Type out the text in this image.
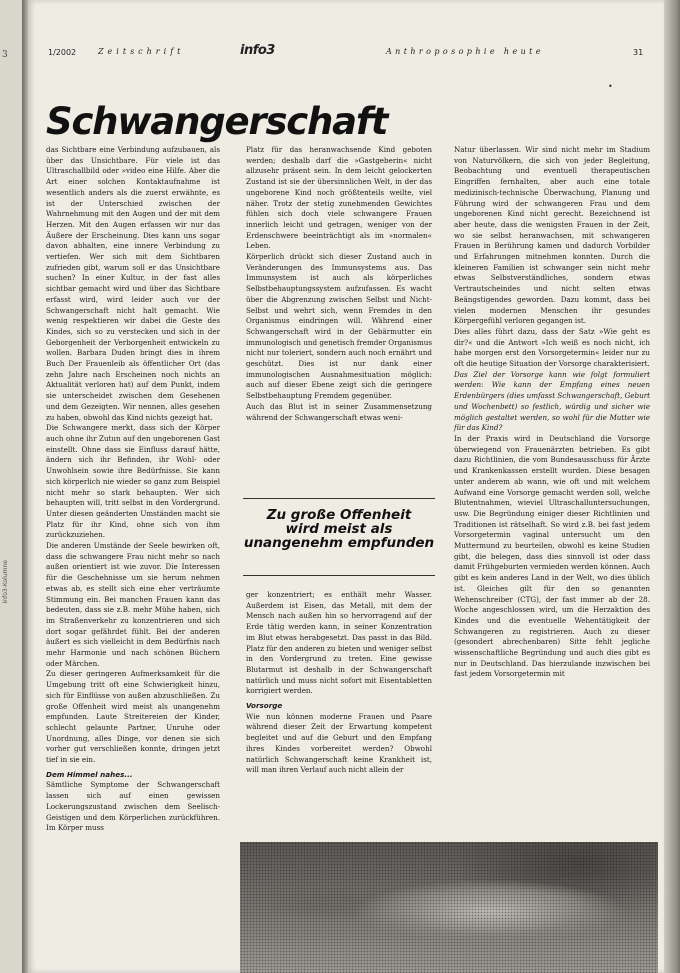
3
info3-Kolumne
1/2002	Zeitschrift	info3	Anthroposophie heute	31
•
Schwangerschaft

das Sichtbare eine Verbindung aufzubauen, als über das Unsichtbare. Für viele ist das Ultraschallbild oder »video eine Hilfe. Aber die Art einer solchen Kontaktaufnahme ist wesentlich anders als die zuerst erwähnte, es ist der Unterschied zwischen der Wahrnehmung mit den Augen und der mit dem Herzen. Mit den Augen erfassen wir nur das Äußere der Erscheinung. Dies kann uns sogar davon abhalten, eine innere Verbindung zu vertiefen. Wer sich mit dem Sichtbaren zufrieden gibt, warum soll er das Unsichtbare suchen? In einer Kultur, in der fast alles sichtbar gemacht wird und über das Sichtbare erfasst wird, wird leider auch vor der Schwangerschaft nicht halt gemacht. Wie wenig respektieren wir dabei die Geste des Kindes, sich so zu verstecken und sich in der Geborgenheit der Verborgenheit entwickeln zu wollen. Barbara Duden bringt dies in ihrem Buch Der Frauenleib als öffentlicher Ort (das zehn Jahre nach Erscheinen noch nichts an Aktualität verloren hat) auf dem Punkt, indem sie unterscheidet zwischen dem Gesehenen und dem Gezeigten. Wir nennen, alles gesehen zu haben, obwohl das Kind nichts gezeigt hat.

Die Schwangere merkt, dass sich der Körper auch ohne ihr Zutun auf den ungeborenen Gast einstellt. Ohne dass sie Einfluss darauf hätte, ändern sich ihr Befinden, ihr Wohl- oder Unwohlsein sowie ihre Bedürfnisse. Sie kann sich körperlich nie wieder so ganz zum Beispiel nicht mehr so stark behaupten. Wer sich behaupten will, tritt selbst in den Vordergrund. Unter diesen geänderten Umständen macht sie Platz für ihr Kind, ohne sich von ihm zurückzuziehen.

Die anderen Umstände der Seele bewirken oft, dass die schwangere Frau nicht mehr so nach außen orientiert ist wie zuvor. Die Interessen für die Geschehnisse um sie herum nehmen etwas ab, es stellt sich eine eher verträumte Stimmung ein. Bei manchen Frauen kann das bedeuten, dass sie z.B. mehr Mühe haben, sich im Straßenverkehr zu konzentrieren und sich dort sogar gefährdet fühlt. Bei der anderen äußert es sich vielleicht in dem Bedürfnis nach mehr Harmonie und nach schönen Büchern oder Märchen.

Zu dieser geringeren Aufmerksamkeit für die Umgebung tritt oft eine Schwierigkeit hinzu, sich für Einflüsse von außen abzuschließen. Zu große Offenheit wird meist als unangenehm empfunden. Laute Streitereien der Kinder, schlecht gelaunte Partner, Unruhe oder Unordnung, alles Dinge, vor denen sie sich vorher gut verschließen konnte, dringen jetzt tief in sie ein.

Dem Himmel nahes...

Sämtliche Symptome der Schwangerschaft lassen sich auf einen gewissen Lockerungszustand zwischen dem Seelisch-Geistigen und dem Körperlichen zurückführen. Im Körper muss

Platz für das heranwachsende Kind geboten werden; deshalb darf die »Gastgeberin« nicht allzusehr präsent sein. In dem leicht gelockerten Zustand ist sie der übersinnlichen Welt, in der das ungeborene Kind noch größtenteils weilte, viel näher. Trotz der stetig zunehmenden Gewichtes fühlen sich doch viele schwangere Frauen innerlich leicht und getragen, weniger von der Erdenschwere beeinträchtigt als im »normalen« Leben.

Körperlich drückt sich dieser Zustand auch in Veränderungen des Immunsystems aus. Das Immunsystem ist auch als körperliches Selbstbehauptungssystem aufzufassen. Es wacht über die Abgrenzung zwischen Selbst und Nicht-Selbst und wehrt sich, wenn Fremdes in den Organismus eindringen will. Während einer Schwangerschaft wird in der Gebärmutter ein immunologisch und genetisch fremder Organismus nicht nur toleriert, sondern auch noch ernährt und geschützt. Dies ist nur dank einer immunologischen Ausnahmesituation möglich: auch auf dieser Ebene zeigt sich die geringere Selbstbehauptung Fremdem gegenüber.

Auch das Blut ist in seiner Zusammensetzung während der Schwangerschaft etwas weni-

Zu große Offenheit

wird meist als

unangenehm empfunden

ger konzentriert; es enthält mehr Wasser. Außerdem ist Eisen, das Metall, mit dem der Mensch nach außen hin so hervorragend auf der Erde tätig werden kann, in seiner Konzentration im Blut etwas herabgesetzt. Das passt in das Bild. Platz für den anderen zu bieten und weniger selbst in den Vordergrund zu treten. Eine gewisse Blutarmut ist deshalb in der Schwangerschaft natürlich und muss nicht sofort mit Eisentabletten korrigiert werden.

Vorsorge

Wie nun können moderne Frauen und Paare während dieser Zeit der Erwartung kompetent begleitet und auf die Geburt und den Empfang ihres Kindes vorbereitet werden? Obwohl natürlich Schwangerschaft keine Krankheit ist, will man ihren Verlauf auch nicht allein der

Natur überlassen. Wir sind nicht mehr im Stadium von Naturvölkern, die sich von jeder Begleitung, Beobachtung und eventuell therapeutischen Eingriffen fernhalten, aber auch eine totale medizinisch-technische Überwachung, Planung und Führung wird der schwangeren Frau und dem ungeborenen Kind nicht gerecht. Bezeichnend ist aber heute, dass die wenigsten Frauen in der Zeit, wo sie selbst heranwachsen, mit schwangeren Frauen in Berührung kamen und dadurch Vorbilder und Erfahrungen mitnehmen konnten. Durch die kleineren Familien ist schwanger sein nicht mehr etwas Selbstverständliches, sondern etwas Vertrautscheindes und nicht selten etwas Beängstigendes geworden. Dazu kommt, dass bei vielen modernen Menschen ihr gesundes Körpergefühl verloren gegangen ist.

Dies alles führt dazu, dass der Satz »Wie geht es dir?« und die Antwort »Ich weiß es noch nicht, ich habe morgen erst den Vorsorgetermin« leider nur zu oft die heutige Situation der Vorsorge charakterisiert.

Das Ziel der Vorsorge kann wie folgt formuliert werden: Wie kann der Empfang eines neuen Erdenbürgers (dies umfasst Schwangerschaft, Geburt und Wochenbett) so festlich, würdig und sicher wie möglich gestaltet werden, so wohl für die Mutter wie für das Kind?

In der Praxis wird in Deutschland die Vorsorge überwiegend von Frauenärzten betrieben. Es gibt dazu Richtlinien, die vom Bundesausschuss für Ärzte und Krankenkassen erstellt wurden. Diese besagen unter anderem ab wann, wie oft und mit welchem Aufwand eine Vorsorge gemacht werden soll, welche Blutentnahmen, wieviel Ultraschalluntersuchungen, usw. Die Begründung einiger dieser Richtlinien und Traditionen ist rätselhaft. So wird z.B. bei fast jedem Vorsorgetermin vaginal untersucht um den Muttermund zu beurteilen, obwohl es keine Studien gibt, die belegen, dass dies sinnvoll ist oder dass damit Frühgeburten vermieden werden können. Auch gibt es kein anderes Land in der Welt, wo dies üblich ist. Gleiches gilt für den so genannten Wehenschreiber (CTG), der fast immer ab der 28. Woche angeschlossen wird, um die Herzaktion des Kindes und die eventuelle Wehentätigkeit der Schwangeren zu registrieren. Auch zu dieser (gesondert abrechenbaren) Sitte fehlt jegliche wissenschaftliche Begründung und auch dies gibt es nur in Deutschland. Das hierzulande inzwischen bei fast jedem Vorsorgetermin mit
